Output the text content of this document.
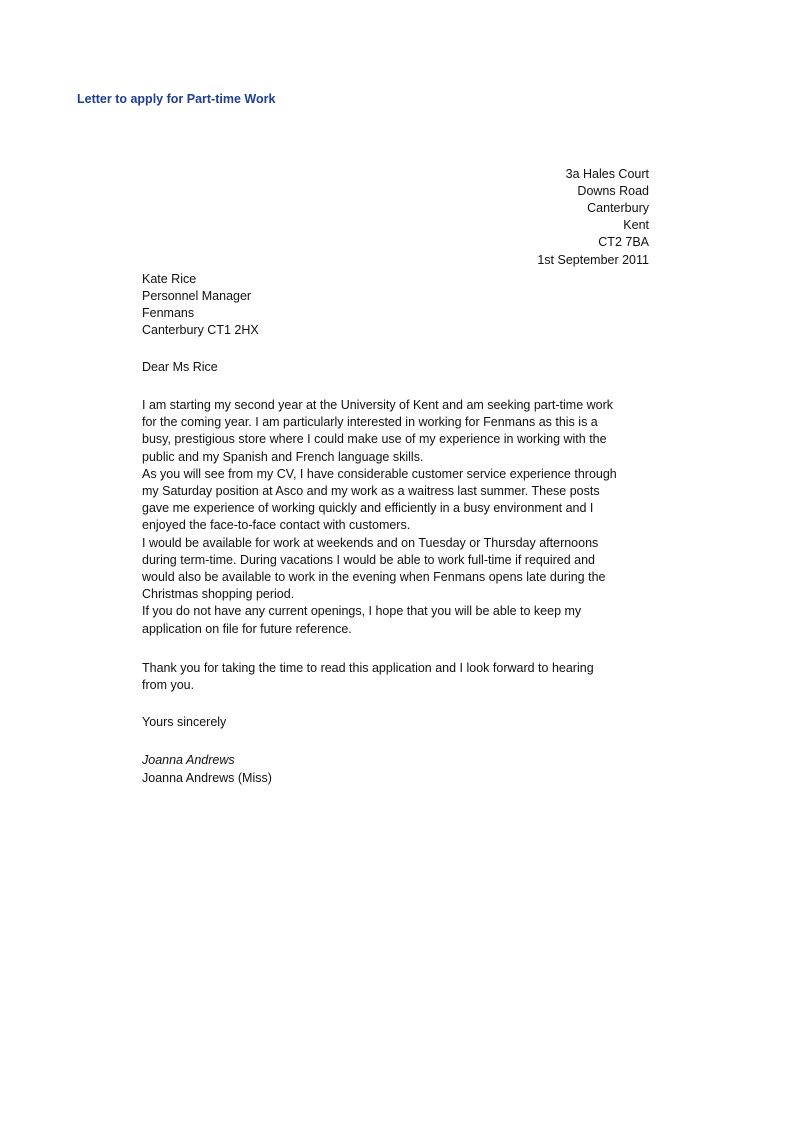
Letter to apply for Part-time Work
3a Hales Court
Downs Road
Canterbury
Kent
CT2 7BA
1st September 2011
Kate Rice
Personnel Manager
Fenmans
Canterbury CT1 2HX
Dear Ms Rice

I am starting my second year at the University of Kent and am seeking part-time work
for the coming year. I am particularly interested in working for Fenmans as this is a
busy, prestigious store where I could make use of my experience in working with the
public and my Spanish and French language skills.

As you will see from my CV, I have considerable customer service experience through
my Saturday position at Asco and my work as a waitress last summer. These posts
gave me experience of working quickly and efficiently in a busy environment and I
enjoyed the face-to-face contact with customers.

I would be available for work at weekends and on Tuesday or Thursday afternoons
during term-time. During vacations I would be able to work full-time if required and
would also be available to work in the evening when Fenmans opens late during the
Christmas shopping period.

If you do not have any current openings, I hope that you will be able to keep my
application on file for future reference.

Thank you for taking the time to read this application and I look forward to hearing
from you.
Yours sincerely
Joanna Andrews
Joanna Andrews (Miss)
